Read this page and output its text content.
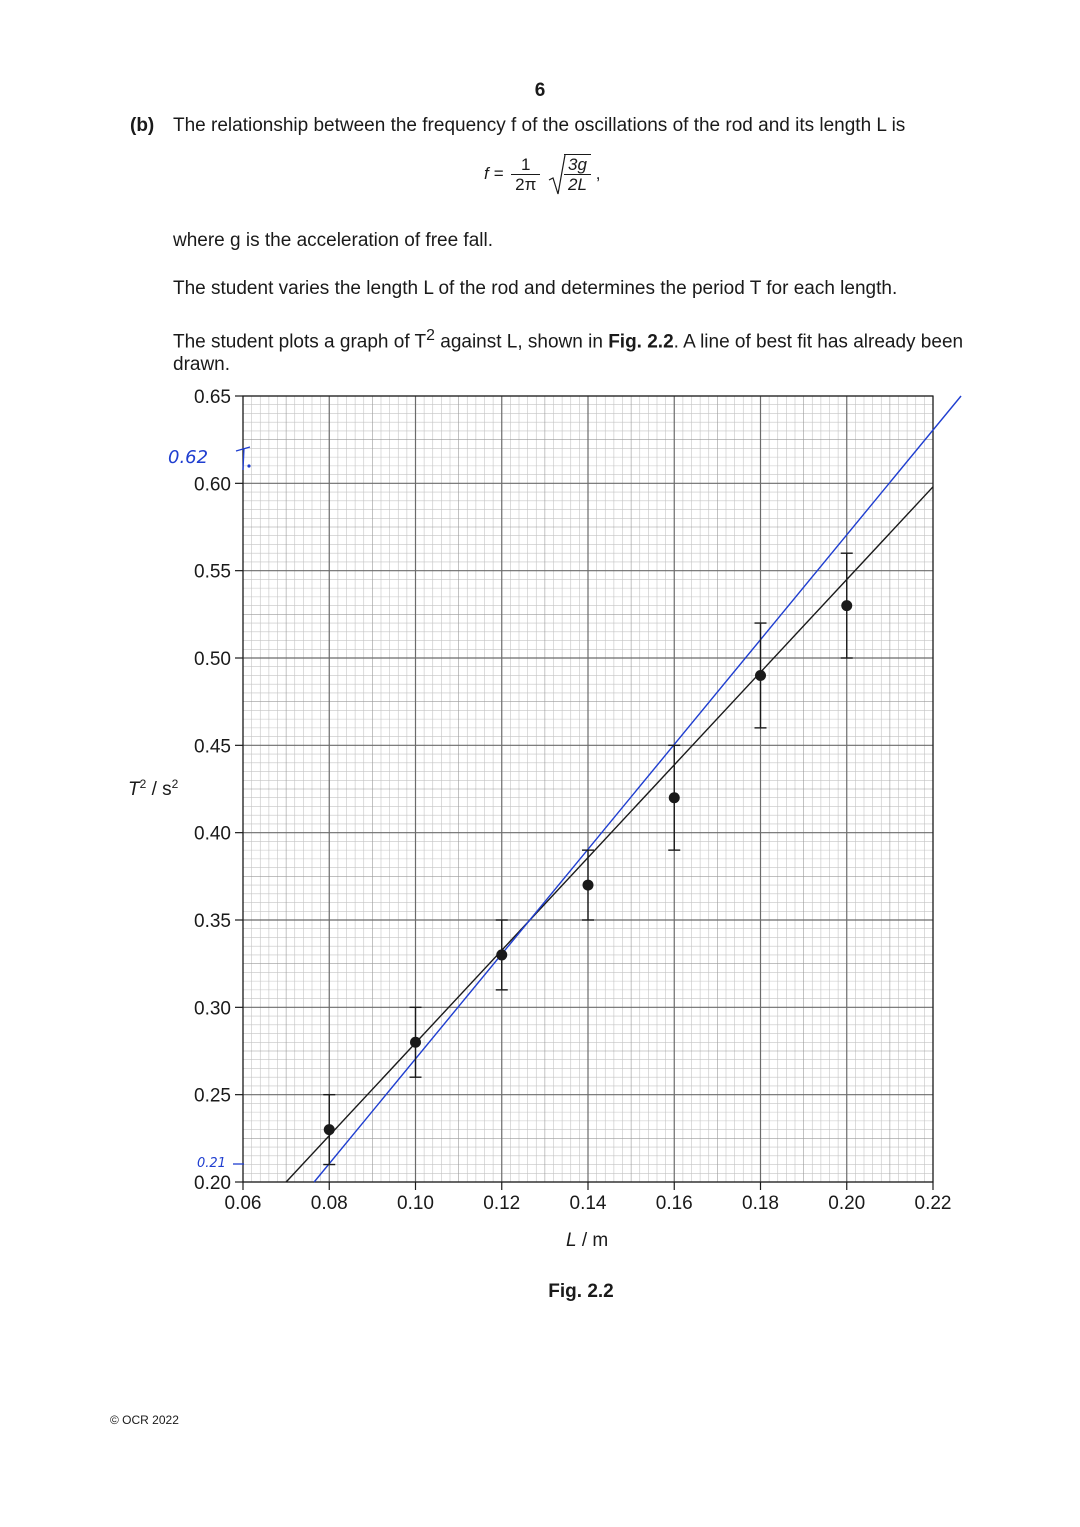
6
(b) The relationship between the frequency f of the oscillations of the rod and its length L is
$f = \frac{1}{2\pi}$
$\frac{3g}{2L}$ ,
where g is the acceleration of free fall.
The student varies the length L of the rod and determines the period T for each length.
The student plots a graph of $T^2$ against L, shown in Fig. 2.2. A line of best fit has already been drawn.
0.20
0.25
0.30
0.35
0.40
0.45
0.50
0.55
0.60
0.65
0.06	0.08	0.10	0.12	0.14	0.16	0.18	0.20	0.22
0.62
0.21
$T^2 / s^2$
L / m
Fig. 2.2
© OCR 2022
